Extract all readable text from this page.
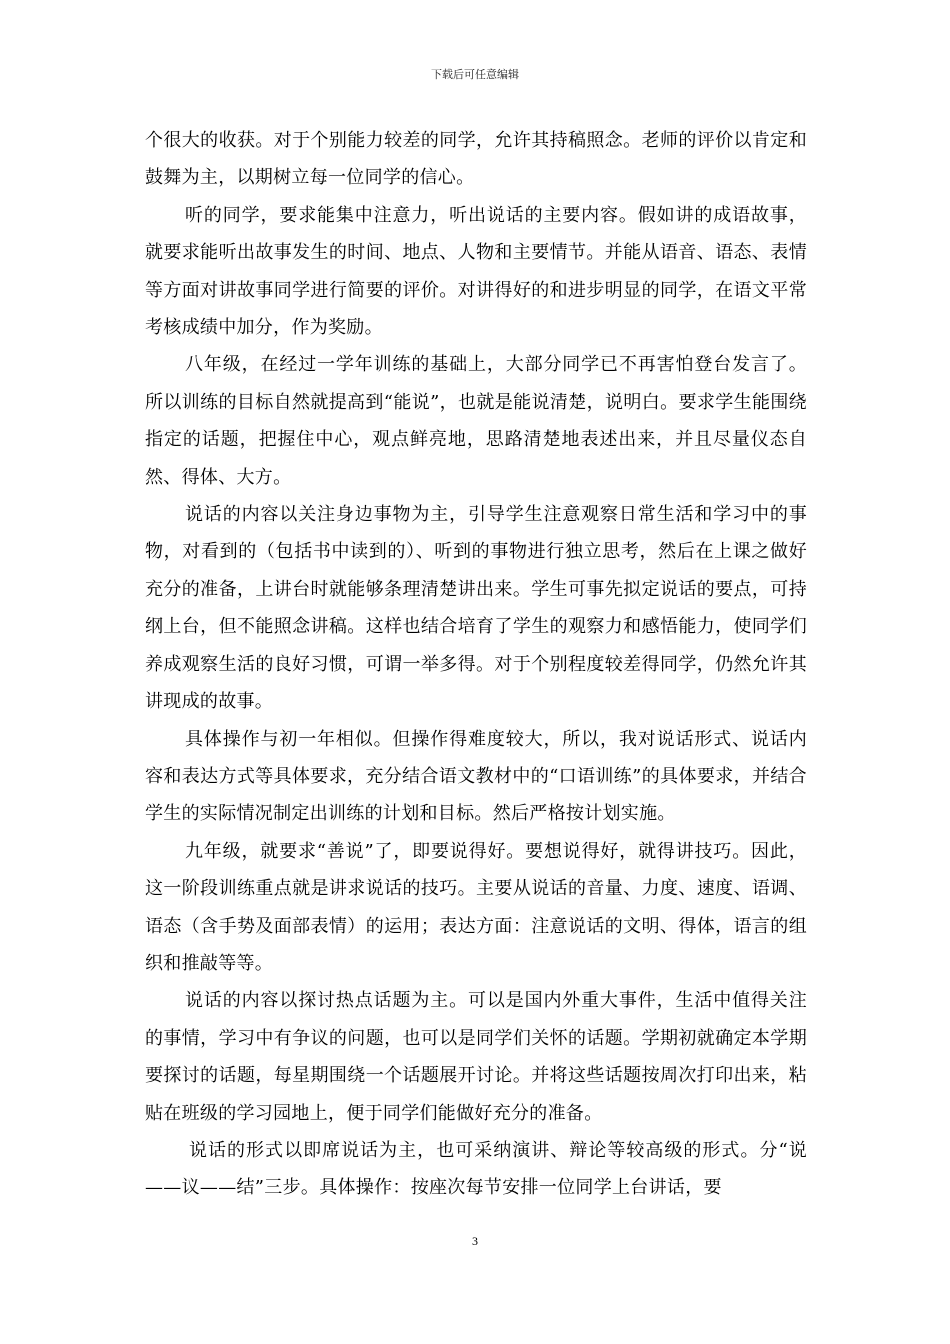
下载后可任意编辑

个很大的收获。对于个别能力较差的同学，允许其持稿照念。老师的评价以肯定和鼓舞为主，以期树立每一位同学的信心。

听的同学，要求能集中注意力，听出说话的主要内容。假如讲的成语故事，就要求能听出故事发生的时间、地点、人物和主要情节。并能从语音、语态、表情等方面对讲故事同学进行简要的评价。对讲得好的和进步明显的同学，在语文平常考核成绩中加分，作为奖励。

八年级，在经过一学年训练的基础上，大部分同学已不再害怕登台发言了。所以训练的目标自然就提高到“能说”，也就是能说清楚，说明白。要求学生能围绕指定的话题，把握住中心，观点鲜亮地，思路清楚地表述出来，并且尽量仪态自然、得体、大方。

说话的内容以关注身边事物为主，引导学生注意观察日常生活和学习中的事物，对看到的（包括书中读到的）、听到的事物进行独立思考，然后在上课之做好充分的准备，上讲台时就能够条理清楚讲出来。学生可事先拟定说话的要点，可持纲上台，但不能照念讲稿。这样也结合培育了学生的观察力和感悟能力，使同学们养成观察生活的良好习惯，可谓一举多得。对于个别程度较差得同学，仍然允许其讲现成的故事。

具体操作与初一年相似。但操作得难度较大，所以，我对说话形式、说话内容和表达方式等具体要求，充分结合语文教材中的“口语训练”的具体要求，并结合学生的实际情况制定出训练的计划和目标。然后严格按计划实施。

九年级，就要求“善说”了，即要说得好。要想说得好，就得讲技巧。因此，这一阶段训练重点就是讲求说话的技巧。主要从说话的音量、力度、速度、语调、语态（含手势及面部表情）的运用；表达方面：注意说话的文明、得体，语言的组织和推敲等等。

说话的内容以探讨热点话题为主。可以是国内外重大事件，生活中值得关注的事情，学习中有争议的问题，也可以是同学们关怀的话题。学期初就确定本学期要探讨的话题，每星期围绕一个话题展开讨论。并将这些话题按周次打印出来，粘贴在班级的学习园地上，便于同学们能做好充分的准备。

说话的形式以即席说话为主，也可采纳演讲、辩论等较高级的形式。分“说——议——结”三步。具体操作：按座次每节安排一位同学上台讲话，要

3
